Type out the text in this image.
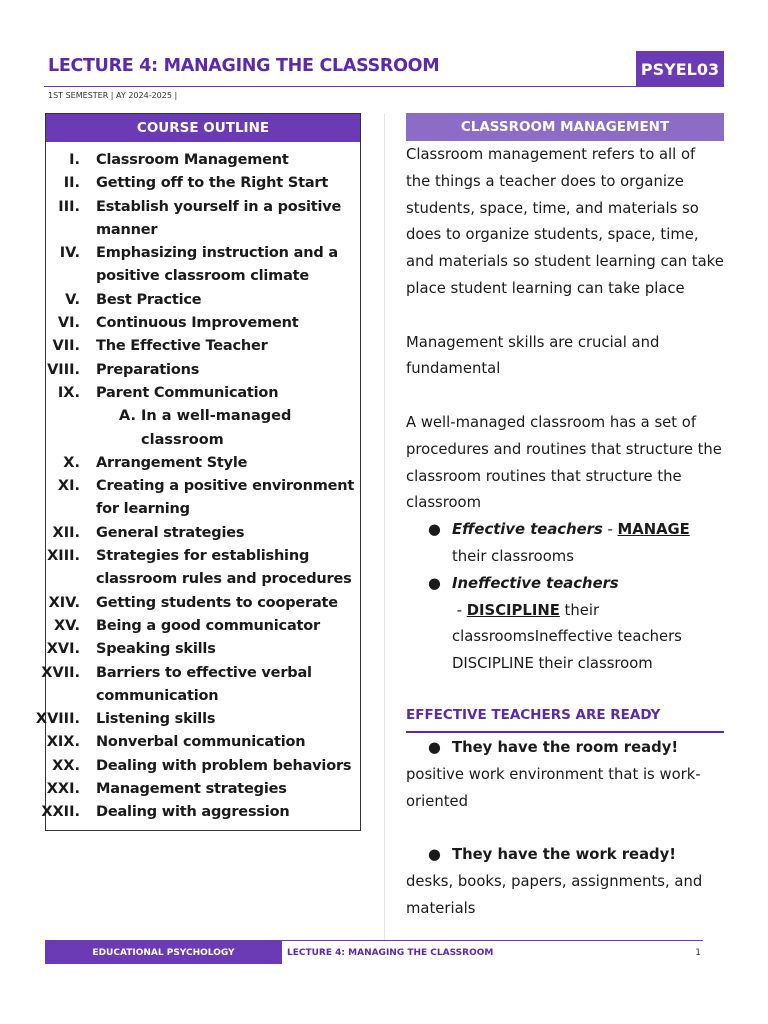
LECTURE 4: MANAGING THE CLASSROOM	PSYEL03
1ST SEMESTER | AY 2024-2025 |
COURSE OUTLINE
I. Classroom Management
II. Getting off to the Right Start
III. Establish yourself in a positive manner
IV. Emphasizing instruction and a positive classroom climate
V. Best Practice
VI. Continuous Improvement
VII. The Effective Teacher
VIII. Preparations
IX. Parent Communication
A. In a well-managed classroom
X. Arrangement Style
XI. Creating a positive environment for learning
XII. General strategies
XIII. Strategies for establishing classroom rules and procedures
XIV. Getting students to cooperate
XV. Being a good communicator
XVI. Speaking skills
XVII. Barriers to effective verbal communication
XVIII. Listening skills
XIX. Nonverbal communication
XX. Dealing with problem behaviors
XXI. Management strategies
XXII. Dealing with aggression
CLASSROOM MANAGEMENT

Classroom management refers to all of the things a teacher does to organize students, space, time, and materials so does to organize students, space, time, and materials so student learning can take place student learning can take place

Management skills are crucial and fundamental

A well-managed classroom has a set of procedures and routines that structure the classroom routines that structure the classroom

● Effective teachers - MANAGE their classrooms
● Ineffective teachers - DISCIPLINE their classroomsIneffective teachers DISCIPLINE their classroom
EFFECTIVE TEACHERS ARE READY
● They have the room ready!

positive work environment that is work-oriented

● They have the work ready!

desks, books, papers, assignments, and materials

EDUCATIONAL PSYCHOLOGY	LECTURE 4: MANAGING THE CLASSROOM	1
